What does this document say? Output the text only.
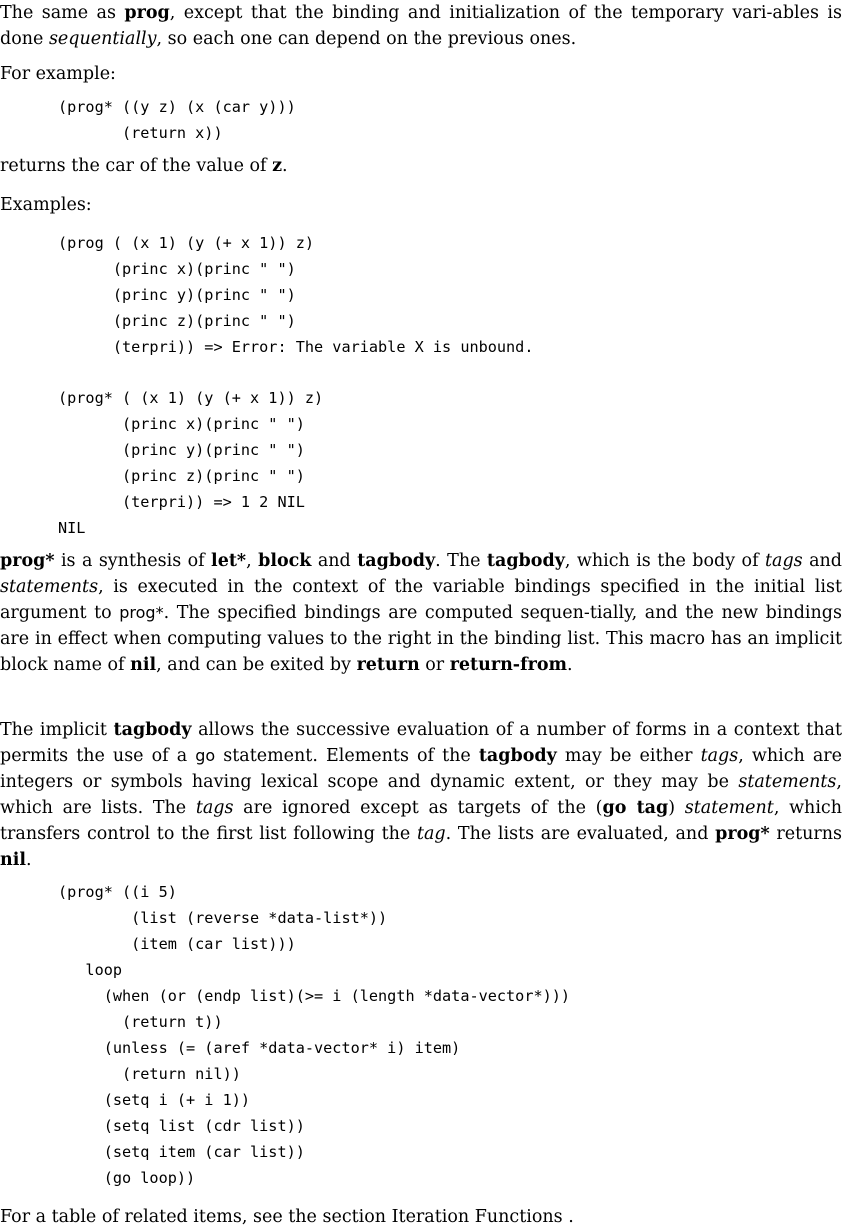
The same as prog, except that the binding and initialization of the temporary vari-ables is done sequentially, so each one can depend on the previous ones.

For example:

(prog* ((y z) (x (car y)))
(return x))

returns the car of the value of z.

Examples:

(prog ( (x 1) (y (+ x 1)) z)
(princ x)(princ " ")
(princ y)(princ " ")
(princ z)(princ " ")
(terpri)) => Error: The variable X is unbound.
(prog* ( (x 1) (y (+ x 1)) z)
(princ x)(princ " ")
(princ y)(princ " ")
(princ z)(princ " ")
(terpri)) => 1 2 NIL
NIL

prog* is a synthesis of let*, block and tagbody. The tagbody, which is the body of tags and statements, is executed in the context of the variable bindings specified in the initial list argument to prog*. The specified bindings are computed sequen-tially, and the new bindings are in effect when computing values to the right in the binding list. This macro has an implicit block name of nil, and can be exited by return or return-from.

The implicit tagbody allows the successive evaluation of a number of forms in a context that permits the use of a go statement. Elements of the tagbody may be either tags, which are integers or symbols having lexical scope and dynamic extent, or they may be statements, which are lists. The tags are ignored except as targets of the (go tag) statement, which transfers control to the first list following the tag. The lists are evaluated, and prog* returns nil.

(prog* ((i 5)
(list (reverse *data-list*))
(item (car list)))
loop
(when (or (endp list)(>= i (length *data-vector*)))
(return t))
(unless (= (aref *data-vector* i) item)
(return nil))
(setq i (+ i 1))
(setq list (cdr list))
(setq item (car list))
(go loop))

For a table of related items, see the section Iteration Functions .
